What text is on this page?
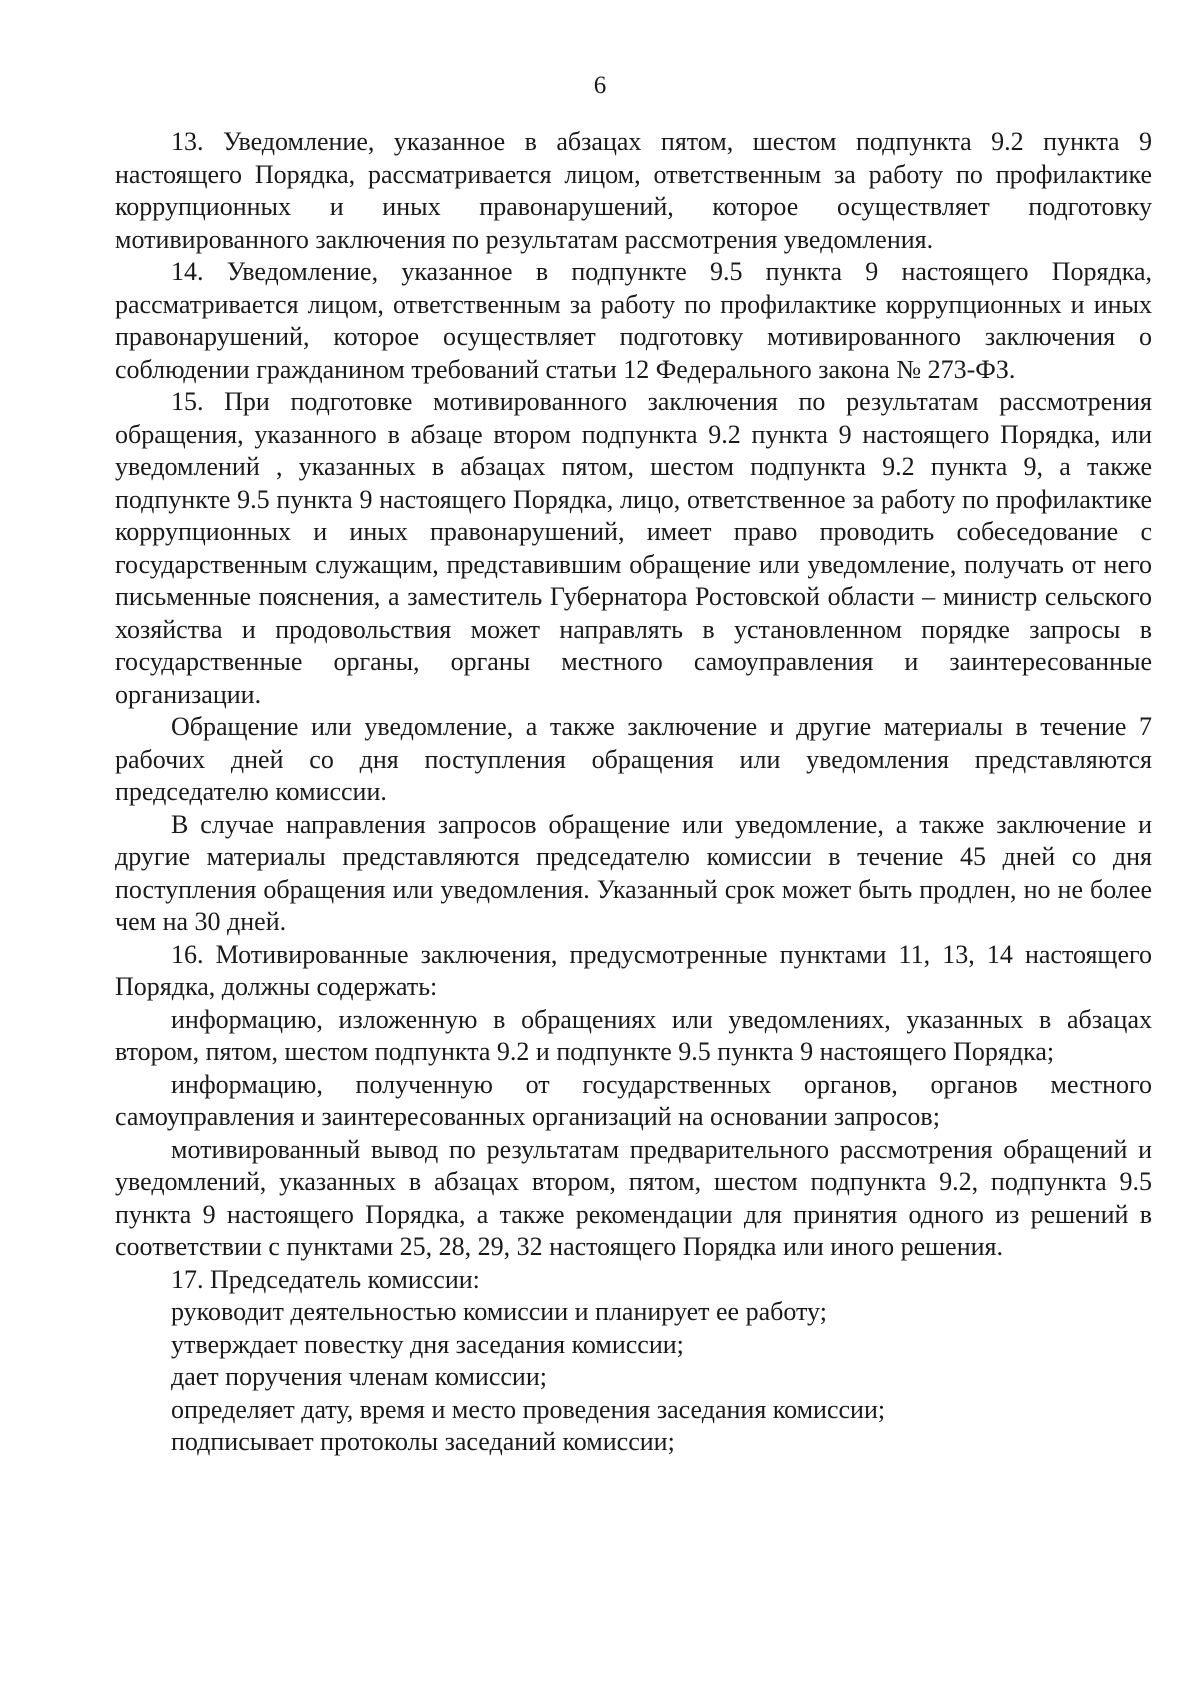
6

13. Уведомление, указанное в абзацах пятом, шестом подпункта 9.2 пункта 9 настоящего Порядка, рассматривается лицом, ответственным за работу по профилактике коррупционных и иных правонарушений, которое осуществляет подготовку мотивированного заключения по результатам рассмотрения уведомления.

14. Уведомление, указанное в подпункте 9.5 пункта 9 настоящего Порядка, рассматривается лицом, ответственным за работу по профилактике коррупционных и иных правонарушений, которое осуществляет подготовку мотивированного заключения о соблюдении гражданином требований статьи 12 Федерального закона № 273-ФЗ.

15. При подготовке мотивированного заключения по результатам рассмотрения обращения, указанного в абзаце втором подпункта 9.2 пункта 9 настоящего Порядка, или уведомлений , указанных в абзацах пятом, шестом подпункта 9.2 пункта 9, а также подпункте 9.5 пункта 9 настоящего Порядка, лицо, ответственное за работу по профилактике коррупционных и иных правонарушений, имеет право проводить собеседование с государственным служащим, представившим обращение или уведомление, получать от него письменные пояснения, а заместитель Губернатора Ростовской области – министр сельского хозяйства и продовольствия может направлять в установленном порядке запросы в государственные органы, органы местного самоуправления и заинтересованные организации.

Обращение или уведомление, а также заключение и другие материалы в течение 7 рабочих дней со дня поступления обращения или уведомления представляются председателю комиссии.

В случае направления запросов обращение или уведомление, а также заключение и другие материалы представляются председателю комиссии в течение 45 дней со дня поступления обращения или уведомления. Указанный срок может быть продлен, но не более чем на 30 дней.

16. Мотивированные заключения, предусмотренные пунктами 11, 13, 14 настоящего Порядка, должны содержать:

информацию, изложенную в обращениях или уведомлениях, указанных в абзацах втором, пятом, шестом подпункта 9.2 и подпункте 9.5 пункта 9 настоящего Порядка;

информацию, полученную от государственных органов, органов местного самоуправления и заинтересованных организаций на основании запросов;

мотивированный вывод по результатам предварительного рассмотрения обращений и уведомлений, указанных в абзацах втором, пятом, шестом подпункта 9.2, подпункта 9.5 пункта 9 настоящего Порядка, а также рекомендации для принятия одного из решений в соответствии с пунктами 25, 28, 29, 32 настоящего Порядка или иного решения.

17. Председатель комиссии:

руководит деятельностью комиссии и планирует ее работу;

утверждает повестку дня заседания комиссии;

дает поручения членам комиссии;

определяет дату, время и место проведения заседания комиссии;

подписывает протоколы заседаний комиссии;
